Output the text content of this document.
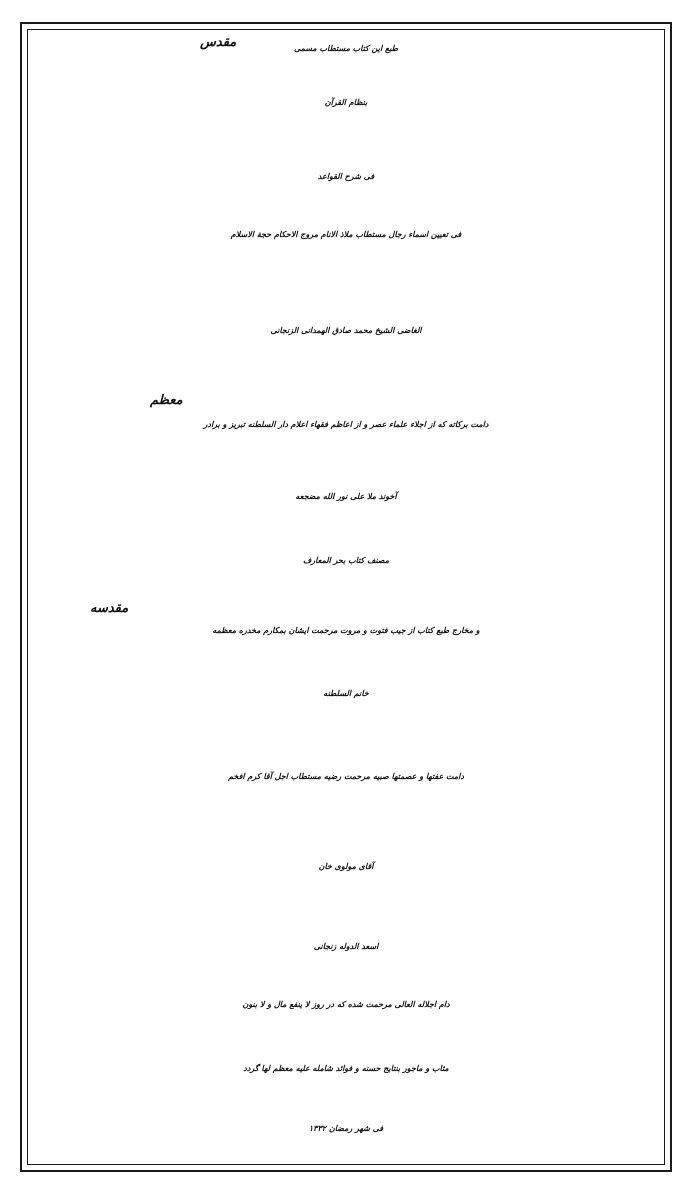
طبع این کتاب مستطاب مسمی
بنظام القرآن
فی شرح القواعد
فی تعیین اسماء رجال مستطاب ملاذ الانام مروج الاحکام حجة الاسلام
الغاضی الشیخ محمد صادق الهمدانی الزنجانی
دامت برکاته که از اجلاء علماء عصر و از اعاظم فقهاء اعلام دار السلطنه تبریز و برادر
آخوند ملا علی نور الله مضجعه
مصنف کتاب بحر المعارف
و مخارج طبع کتاب از جیب فتوت و مروت مرحمت ایشان بمکارم مخدره معظمه
خانم السلطنه
دامت عفتها و عصمتها صبیه مرحمت رضیه مستطاب اجل آقا کرم افخم
آقای مولوی خان
اسعد الدوله زنجانی
دام اجلاله العالی مرحمت شده که در روز لا ینفع مال و لا بنون
مثاب و ماجور بنتایج حسنه و فوائد شامله علیه معظم لها گردد
فی شهر رمضان ۱۳۳۲
مقدس
معظم
مقدسه
